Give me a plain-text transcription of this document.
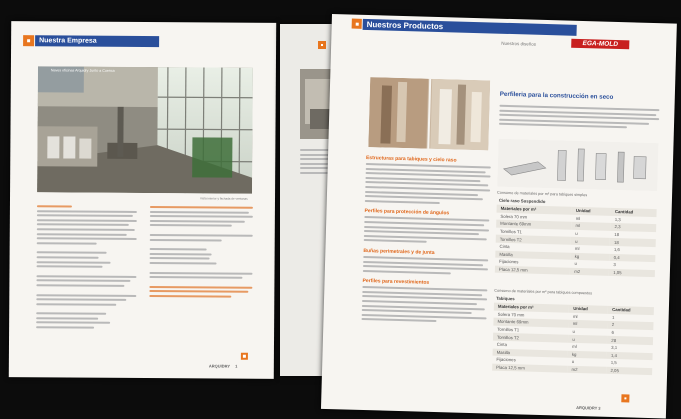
Nuestra Empresa
Naves oficinas Arquidry Junto a Cuenca
Vista interior y fachada de ventanas
ARQUIDRY 1
Nuestros Productos
Nuestros diseños	EGA-MOLD
Perfileria para la construcción en seco
Estructuras para tabiques y cielo raso
Perfiles para protección de ángulos
Buñas perimetrales y de junta
Perfiles para revestimientos
Consumo de materiales por m² para tabiques simples
Cielo raso Suspendido
Materiales por m²	Unidad	Cantidad
Solera 70 mm	ml	1,3
Montante 69mm	ml	2,3
Tornillos T1	u	18
Tornillos T2	u	18
Cinta	ml	1,6
Masilla	kg	0,4
Fijaciones	u	3
Placa 12,5 mm	m2	1,05
Consumo de materiales por m² para tabiques compuestos
Tabiques
Materiales por m²	Unidad	Cantidad
Solera 70 mm	ml	1
Montante 69mm	ml	2
Tornillos T1	u	6
Tornillos T2	u	28
Cinta	ml	3,1
Masilla	kg	1,4
Fijaciones	u	1,5
Placa 12,5 mm	m2	2,05
ARQUIDRY 3
